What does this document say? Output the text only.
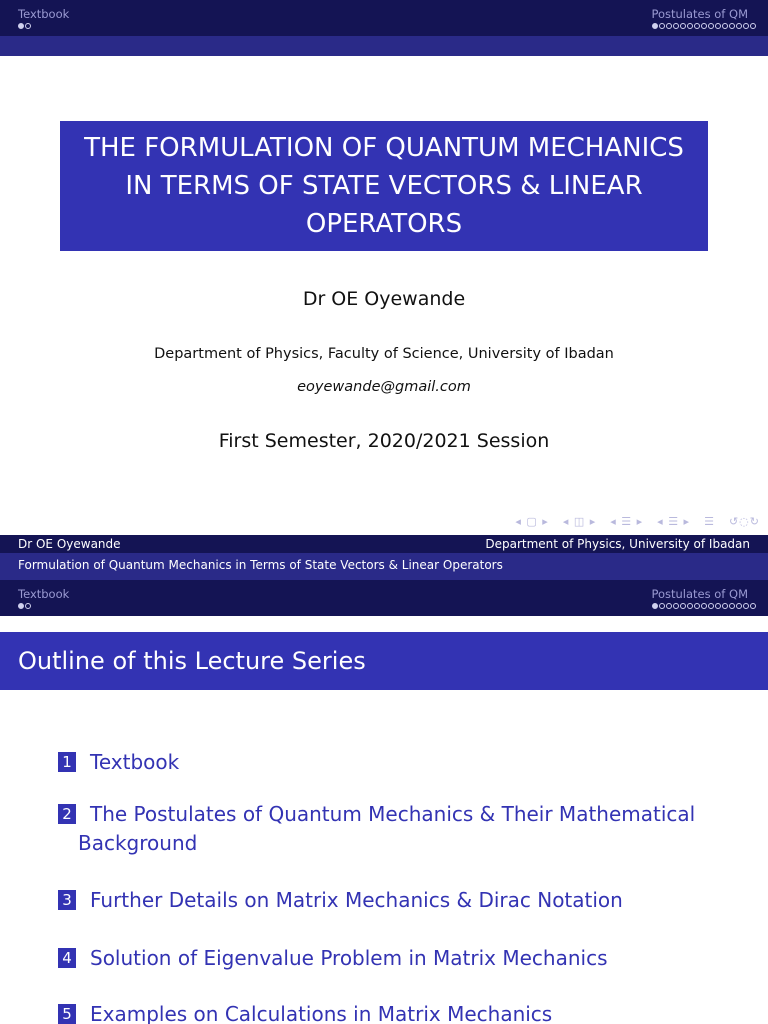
Textbook	Postulates of QM
THE FORMULATION OF QUANTUM MECHANICS IN TERMS OF STATE VECTORS & LINEAR OPERATORS
Dr OE Oyewande
Department of Physics, Faculty of Science, University of Ibadan
eoyewande@gmail.com
First Semester, 2020/2021 Session
◂ ▢ ▸ ◂ ◫ ▸ ◂ ☰ ▸ ◂ ☰ ▸ ☰ ↺◌↻
Dr OE Oyewande	Department of Physics, University of Ibadan
Formulation of Quantum Mechanics in Terms of State Vectors & Linear Operators
Textbook	Postulates of QM
Outline of this Lecture Series
1 Textbook
2 The Postulates of Quantum Mechanics & Their Mathematical
Background
3 Further Details on Matrix Mechanics & Dirac Notation
4 Solution of Eigenvalue Problem in Matrix Mechanics
5 Examples on Calculations in Matrix Mechanics
